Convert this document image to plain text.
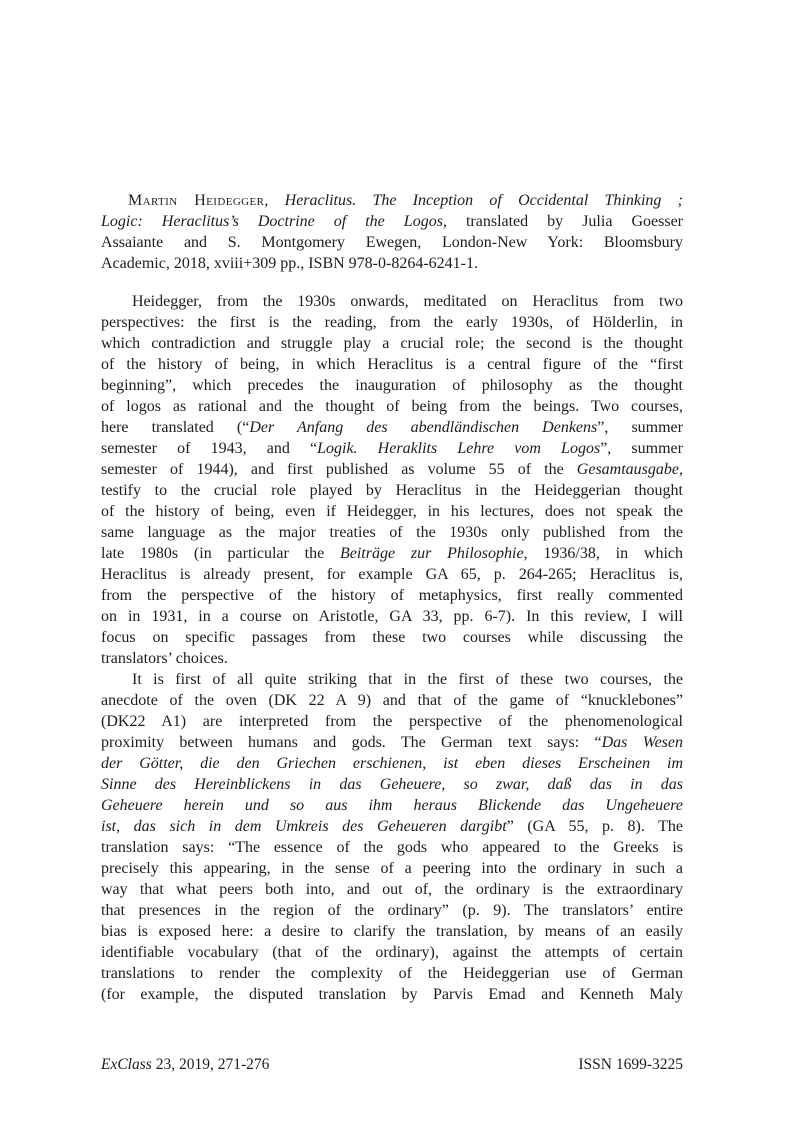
Martin Heidegger, Heraclitus. The Inception of Occidental Thinking ;
Logic: Heraclitus’s Doctrine of the Logos, translated by Julia Goesser
Assaiante and S. Montgomery Ewegen, London-New York: Bloomsbury
Academic, 2018, xviii+309 pp., ISBN 978-0-8264-6241-1.
Heidegger, from the 1930s onwards, meditated on Heraclitus from two
perspectives: the first is the reading, from the early 1930s, of Hölderlin, in
which contradiction and struggle play a crucial role; the second is the thought
of the history of being, in which Heraclitus is a central figure of the “first
beginning”, which precedes the inauguration of philosophy as the thought
of logos as rational and the thought of being from the beings. Two courses,
here translated (“Der Anfang des abendländischen Denkens”, summer
semester of 1943, and “Logik. Heraklits Lehre vom Logos”, summer
semester of 1944), and first published as volume 55 of the Gesamtausgabe,
testify to the crucial role played by Heraclitus in the Heideggerian thought
of the history of being, even if Heidegger, in his lectures, does not speak the
same language as the major treaties of the 1930s only published from the
late 1980s (in particular the Beiträge zur Philosophie, 1936/38, in which
Heraclitus is already present, for example GA 65, p. 264-265; Heraclitus is,
from the perspective of the history of metaphysics, first really commented
on in 1931, in a course on Aristotle, GA 33, pp. 6-7). In this review, I will
focus on specific passages from these two courses while discussing the
translators’ choices.
It is first of all quite striking that in the first of these two courses, the
anecdote of the oven (DK 22 A 9) and that of the game of “knucklebones”
(DK22 A1) are interpreted from the perspective of the phenomenological
proximity between humans and gods. The German text says: “Das Wesen
der Götter, die den Griechen erschienen, ist eben dieses Erscheinen im
Sinne des Hereinblickens in das Geheuere, so zwar, daß das in das
Geheuere herein und so aus ihm heraus Blickende das Ungeheuere
ist, das sich in dem Umkreis des Geheueren dargibt” (GA 55, p. 8). The
translation says: “The essence of the gods who appeared to the Greeks is
precisely this appearing, in the sense of a peering into the ordinary in such a
way that what peers both into, and out of, the ordinary is the extraordinary
that presences in the region of the ordinary” (p. 9). The translators’ entire
bias is exposed here: a desire to clarify the translation, by means of an easily
identifiable vocabulary (that of the ordinary), against the attempts of certain
translations to render the complexity of the Heideggerian use of German
(for example, the disputed translation by Parvis Emad and Kenneth Maly
ExClass 23, 2019, 271-276	ISSN 1699-3225
